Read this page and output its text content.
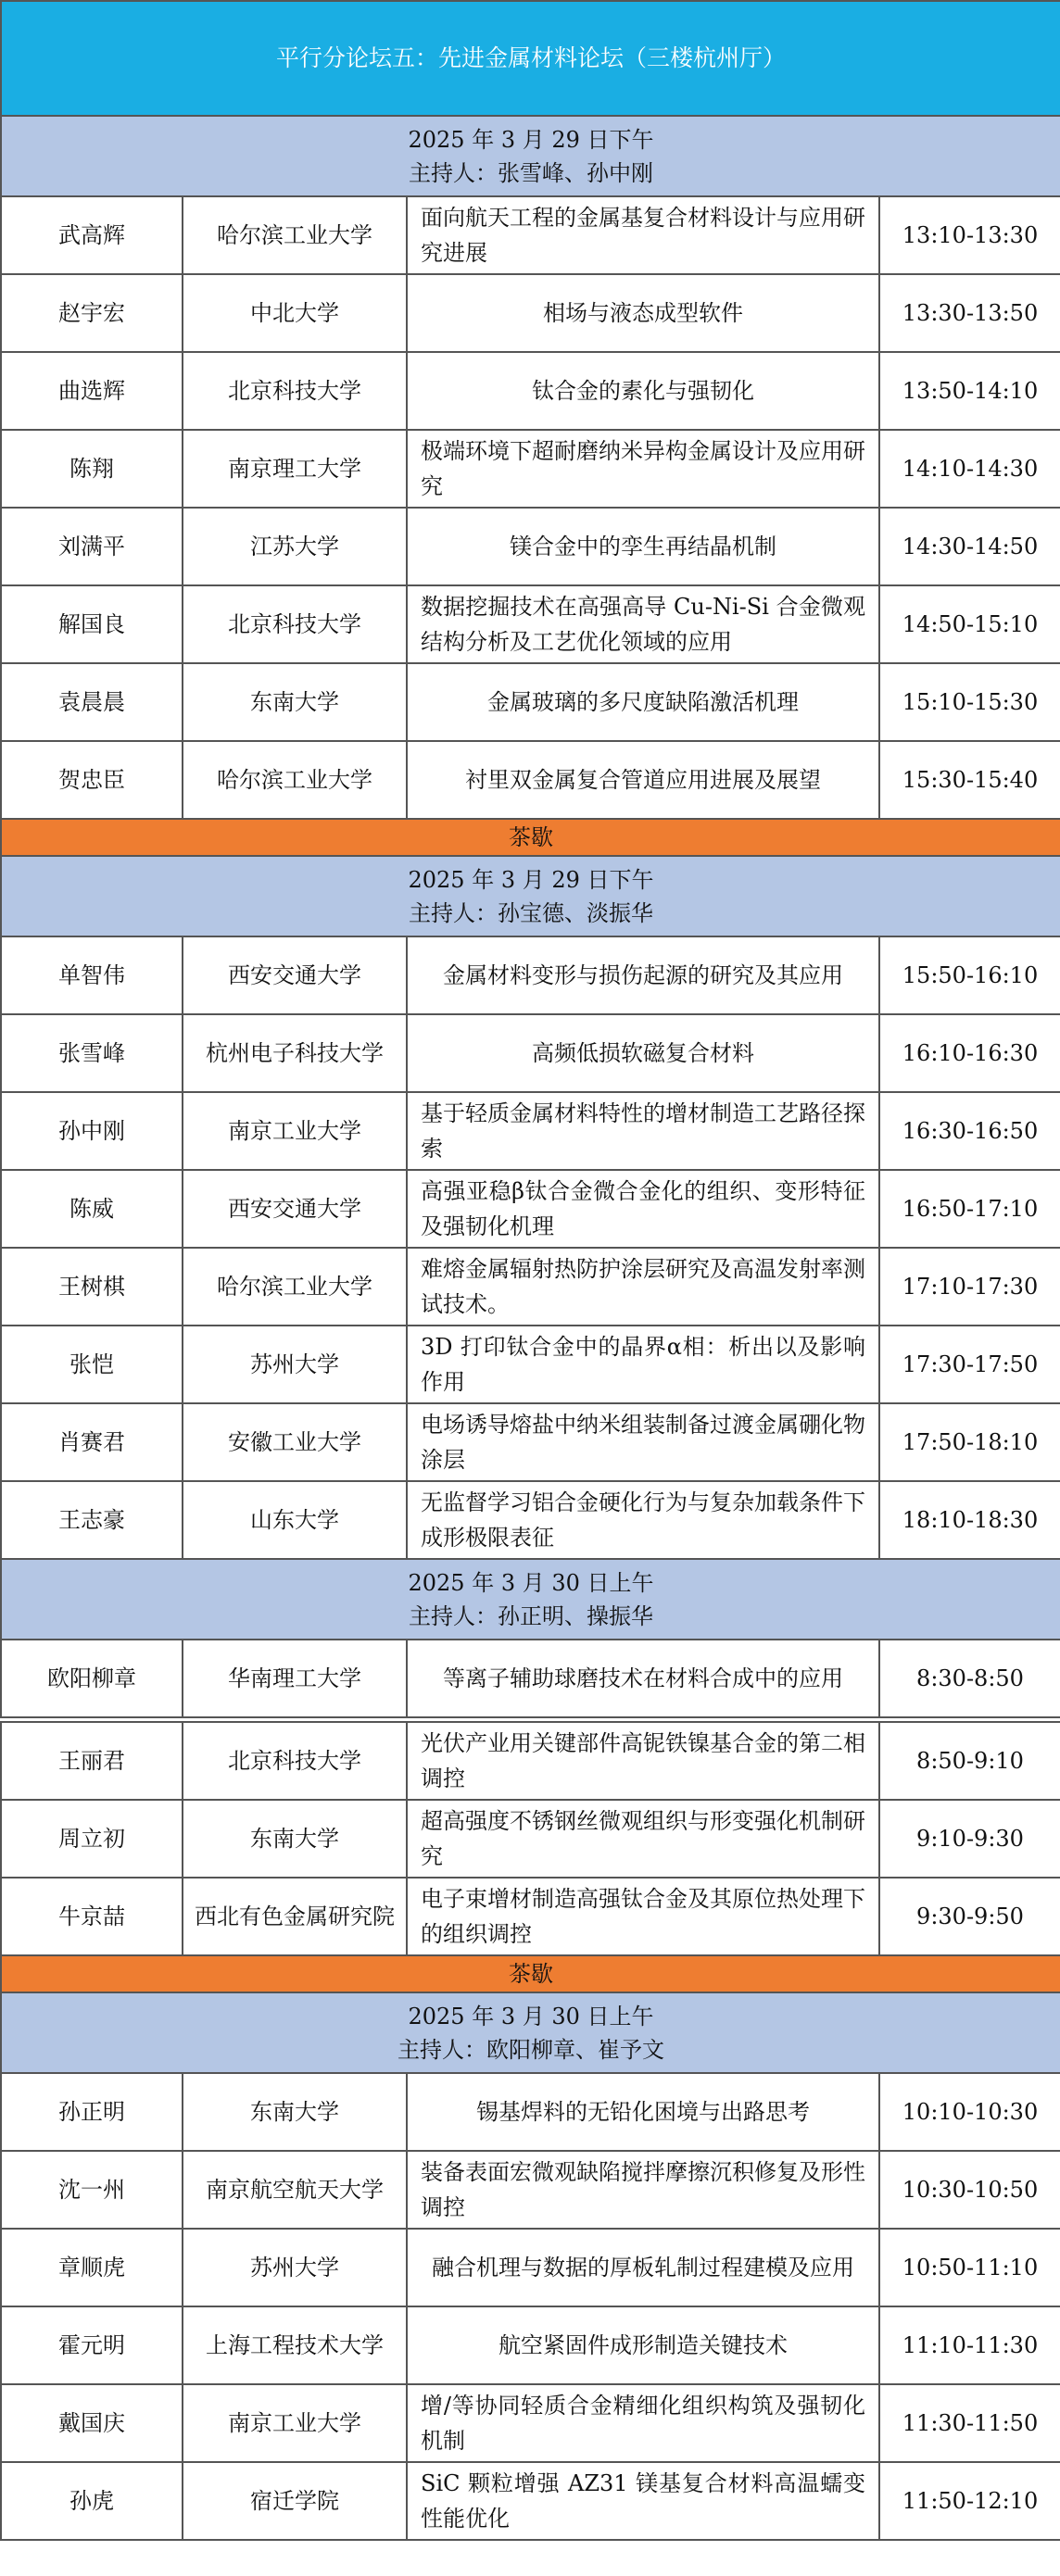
平行分论坛五：先进金属材料论坛（三楼杭州厅）			

2025 年 3 月 29 日下午
主持人：张雪峰、孙中刚			

武高辉	哈尔滨工业大学	面向航天工程的金属基复合材料设计与应用研究进展	13:10-13:30
赵宇宏	中北大学	相场与液态成型软件	13:30-13:50
曲选辉	北京科技大学	钛合金的素化与强韧化	13:50-14:10
陈翔	南京理工大学	极端环境下超耐磨纳米异构金属设计及应用研究	14:10-14:30
刘满平	江苏大学	镁合金中的孪生再结晶机制	14:30-14:50
解国良	北京科技大学	数据挖掘技术在高强高导 Cu-Ni-Si 合金微观结构分析及工艺优化领域的应用	14:50-15:10
袁晨晨	东南大学	金属玻璃的多尺度缺陷激活机理	15:10-15:30
贺忠臣	哈尔滨工业大学	衬里双金属复合管道应用进展及展望	15:30-15:40
茶歇			

2025 年 3 月 29 日下午
主持人：孙宝德、淡振华			

单智伟	西安交通大学	金属材料变形与损伤起源的研究及其应用	15:50-16:10
张雪峰	杭州电子科技大学	高频低损软磁复合材料	16:10-16:30
孙中刚	南京工业大学	基于轻质金属材料特性的增材制造工艺路径探索	16:30-16:50
陈威	西安交通大学	高强亚稳β钛合金微合金化的组织、变形特征及强韧化机理	16:50-17:10
王树棋	哈尔滨工业大学	难熔金属辐射热防护涂层研究及高温发射率测试技术。	17:10-17:30
张恺	苏州大学	3D 打印钛合金中的晶界α相：析出以及影响作用	17:30-17:50
肖赛君	安徽工业大学	电场诱导熔盐中纳米组装制备过渡金属硼化物涂层	17:50-18:10
王志豪	山东大学	无监督学习铝合金硬化行为与复杂加载条件下成形极限表征	18:10-18:30

2025 年 3 月 30 日上午
主持人：孙正明、操振华			

欧阳柳章	华南理工大学	等离子辅助球磨技术在材料合成中的应用	8:30-8:50

王丽君	北京科技大学	光伏产业用关键部件高铌铁镍基合金的第二相调控	8:50-9:10
周立初	东南大学	超高强度不锈钢丝微观组织与形变强化机制研究	9:10-9:30
牛京喆	西北有色金属研究院	电子束增材制造高强钛合金及其原位热处理下的组织调控	9:30-9:50
茶歇			

2025 年 3 月 30 日上午
主持人：欧阳柳章、崔予文			

孙正明	东南大学	锡基焊料的无铅化困境与出路思考	10:10-10:30
沈一州	南京航空航天大学	装备表面宏微观缺陷搅拌摩擦沉积修复及形性调控	10:30-10:50
章顺虎	苏州大学	融合机理与数据的厚板轧制过程建模及应用	10:50-11:10
霍元明	上海工程技术大学	航空紧固件成形制造关键技术	11:10-11:30
戴国庆	南京工业大学	增/等协同轻质合金精细化组织构筑及强韧化机制	11:30-11:50
孙虎	宿迁学院	SiC 颗粒增强 AZ31 镁基复合材料高温蠕变性能优化	11:50-12:10
